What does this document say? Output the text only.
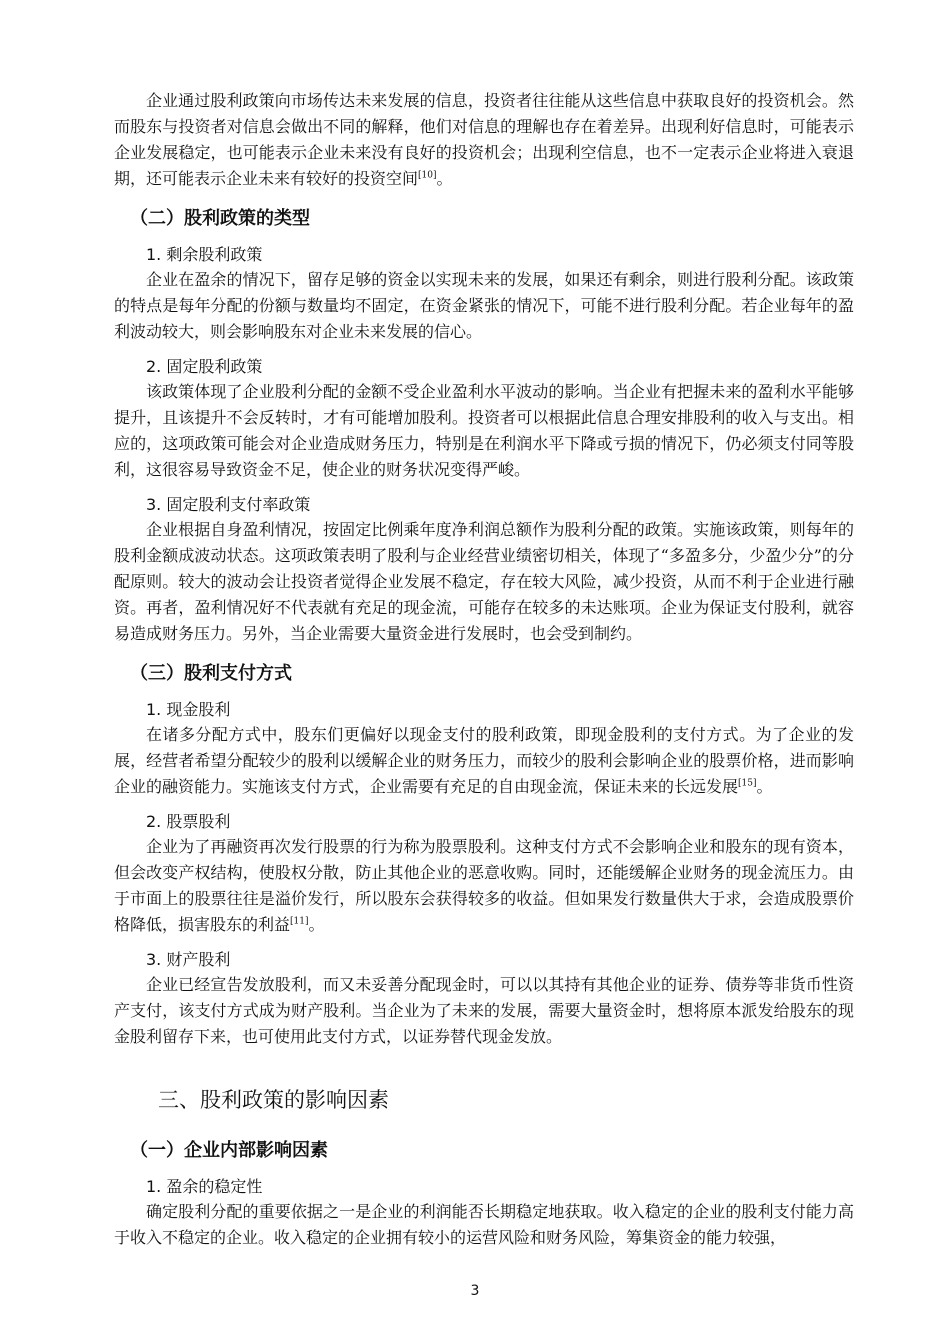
企业通过股利政策向市场传达未来发展的信息，投资者往往能从这些信息中获取良好的投资机会。然而股东与投资者对信息会做出不同的解释，他们对信息的理解也存在着差异。出现利好信息时，可能表示企业发展稳定，也可能表示企业未来没有良好的投资机会；出现利空信息，也不一定表示企业将进入衰退期，还可能表示企业未来有较好的投资空间[10]。

（二）股利政策的类型

1. 剩余股利政策

企业在盈余的情况下，留存足够的资金以实现未来的发展，如果还有剩余，则进行股利分配。该政策的特点是每年分配的份额与数量均不固定，在资金紧张的情况下，可能不进行股利分配。若企业每年的盈利波动较大，则会影响股东对企业未来发展的信心。

2. 固定股利政策

该政策体现了企业股利分配的金额不受企业盈利水平波动的影响。当企业有把握未来的盈利水平能够提升，且该提升不会反转时，才有可能增加股利。投资者可以根据此信息合理安排股利的收入与支出。相应的，这项政策可能会对企业造成财务压力，特别是在利润水平下降或亏损的情况下，仍必须支付同等股利，这很容易导致资金不足，使企业的财务状况变得严峻。

3. 固定股利支付率政策

企业根据自身盈利情况，按固定比例乘年度净利润总额作为股利分配的政策。实施该政策，则每年的股利金额成波动状态。这项政策表明了股利与企业经营业绩密切相关，体现了“多盈多分，少盈少分”的分配原则。较大的波动会让投资者觉得企业发展不稳定，存在较大风险，减少投资，从而不利于企业进行融资。再者，盈利情况好不代表就有充足的现金流，可能存在较多的未达账项。企业为保证支付股利，就容易造成财务压力。另外，当企业需要大量资金进行发展时，也会受到制约。

（三）股利支付方式

1. 现金股利

在诸多分配方式中，股东们更偏好以现金支付的股利政策，即现金股利的支付方式。为了企业的发展，经营者希望分配较少的股利以缓解企业的财务压力，而较少的股利会影响企业的股票价格，进而影响企业的融资能力。实施该支付方式，企业需要有充足的自由现金流，保证未来的长远发展[15]。

2. 股票股利

企业为了再融资再次发行股票的行为称为股票股利。这种支付方式不会影响企业和股东的现有资本，但会改变产权结构，使股权分散，防止其他企业的恶意收购。同时，还能缓解企业财务的现金流压力。由于市面上的股票往往是溢价发行，所以股东会获得较多的收益。但如果发行数量供大于求，会造成股票价格降低，损害股东的利益[11]。

3. 财产股利

企业已经宣告发放股利，而又未妥善分配现金时，可以以其持有其他企业的证券、债券等非货币性资产支付，该支付方式成为财产股利。当企业为了未来的发展，需要大量资金时，想将原本派发给股东的现金股利留存下来，也可使用此支付方式，以证券替代现金发放。

三、股利政策的影响因素

（一）企业内部影响因素

1. 盈余的稳定性

确定股利分配的重要依据之一是企业的利润能否长期稳定地获取。收入稳定的企业的股利支付能力高于收入不稳定的企业。收入稳定的企业拥有较小的运营风险和财务风险，筹集资金的能力较强，

3
